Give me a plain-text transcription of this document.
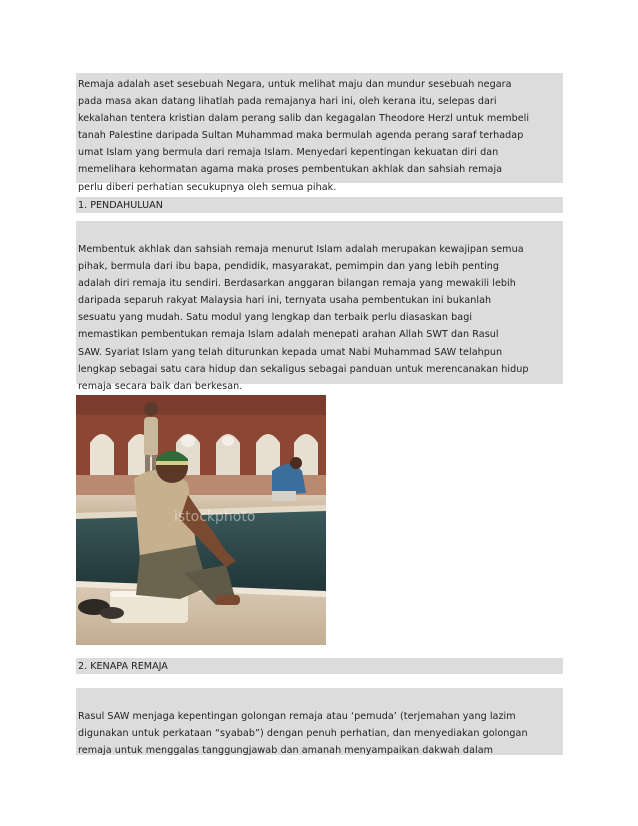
Remaja adalah aset sesebuah Negara, untuk melihat maju dan mundur sesebuah negara
pada masa akan datang lihatlah pada remajanya hari ini, oleh kerana itu, selepas dari
kekalahan tentera kristian dalam perang salib dan kegagalan Theodore Herzl untuk membeli
tanah Palestine daripada Sultan Muhammad maka bermulah agenda perang saraf terhadap
umat Islam yang bermula dari remaja Islam. Menyedari kepentingan kekuatan diri dan
memelihara kehormatan agama maka proses pembentukan akhlak dan sahsiah remaja
perlu diberi perhatian secukupnya oleh semua pihak.
1. PENDAHULUAN
Membentuk akhlak dan sahsiah remaja menurut Islam adalah merupakan kewajipan semua
pihak, bermula dari ibu bapa, pendidik, masyarakat, pemimpin dan yang lebih penting
adalah diri remaja itu sendiri. Berdasarkan anggaran bilangan remaja yang mewakili lebih
daripada separuh rakyat Malaysia hari ini, ternyata usaha pembentukan ini bukanlah
sesuatu yang mudah. Satu modul yang lengkap dan terbaik perlu diasaskan bagi
memastikan pembentukan remaja Islam adalah menepati arahan Allah SWT dan Rasul
SAW. Syariat Islam yang telah diturunkan kepada umat Nabi Muhammad SAW telahpun
lengkap sebagai satu cara hidup dan sekaligus sebagai panduan untuk merencanakan hidup
remaja secara baik dan berkesan.
istockphoto
2. KENAPA REMAJA
Rasul SAW menjaga kepentingan golongan remaja atau ‘pemuda’ (terjemahan yang lazim
digunakan untuk perkataan “syabab”) dengan penuh perhatian, dan menyediakan golongan
remaja untuk menggalas tanggungjawab dan amanah menyampaikan dakwah dalam
